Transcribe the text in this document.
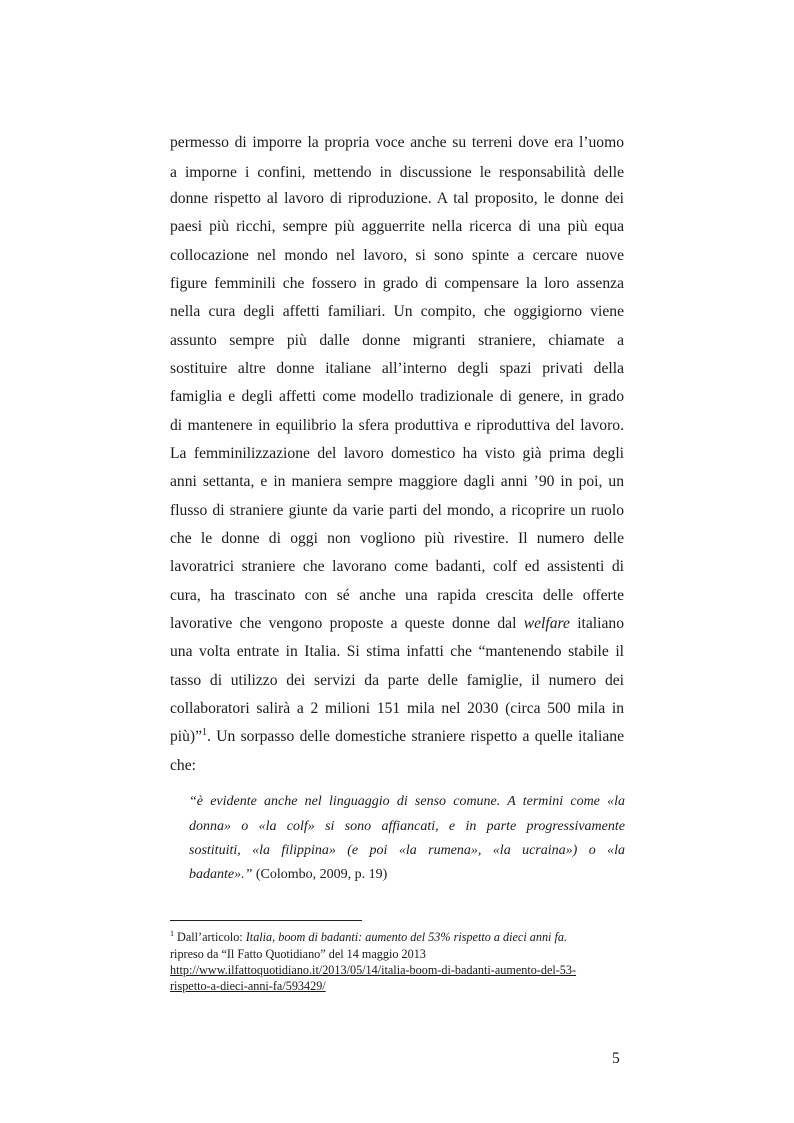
permesso di imporre la propria voce anche su terreni dove era l’uomo
a imporne i confini, mettendo in discussione le responsabilità delle
donne rispetto al lavoro di riproduzione. A tal proposito, le donne dei
paesi più ricchi, sempre più agguerrite nella ricerca di una più equa
collocazione nel mondo nel lavoro, si sono spinte a cercare nuove
figure femminili che fossero in grado di compensare la loro assenza
nella cura degli affetti familiari. Un compito, che oggigiorno viene
assunto sempre più dalle donne migranti straniere, chiamate a
sostituire altre donne italiane all’interno degli spazi privati della
famiglia e degli affetti come modello tradizionale di genere, in grado
di mantenere in equilibrio la sfera produttiva e riproduttiva del lavoro.
La femminilizzazione del lavoro domestico ha visto già prima degli
anni settanta, e in maniera sempre maggiore dagli anni ’90 in poi, un
flusso di straniere giunte da varie parti del mondo, a ricoprire un ruolo
che le donne di oggi non vogliono più rivestire. Il numero delle
lavoratrici straniere che lavorano come badanti, colf ed assistenti di
cura, ha trascinato con sé anche una rapida crescita delle offerte
lavorative che vengono proposte a queste donne dal welfare italiano
una volta entrate in Italia. Si stima infatti che “mantenendo stabile il
tasso di utilizzo dei servizi da parte delle famiglie, il numero dei
collaboratori salirà a 2 milioni 151 mila nel 2030 (circa 500 mila in
più)”$^1$. Un sorpasso delle domestiche straniere rispetto a quelle italiane
che:
“è evidente anche nel linguaggio di senso comune. A termini come «la
donna» o «la colf» si sono affiancati, e in parte progressivamente
sostituiti, «la filippina» (e poi «la rumena», «la ucraina») o «la
badante».” (Colombo, 2009, p. 19)
$^1$ Dall’articolo: Italia, boom di badanti: aumento del 53% rispetto a dieci anni fa.
ripreso da “Il Fatto Quotidiano” del 14 maggio 2013
http://www.ilfattoquotidiano.it/2013/05/14/italia-boom-di-badanti-aumento-del-53-
rispetto-a-dieci-anni-fa/593429/
5
